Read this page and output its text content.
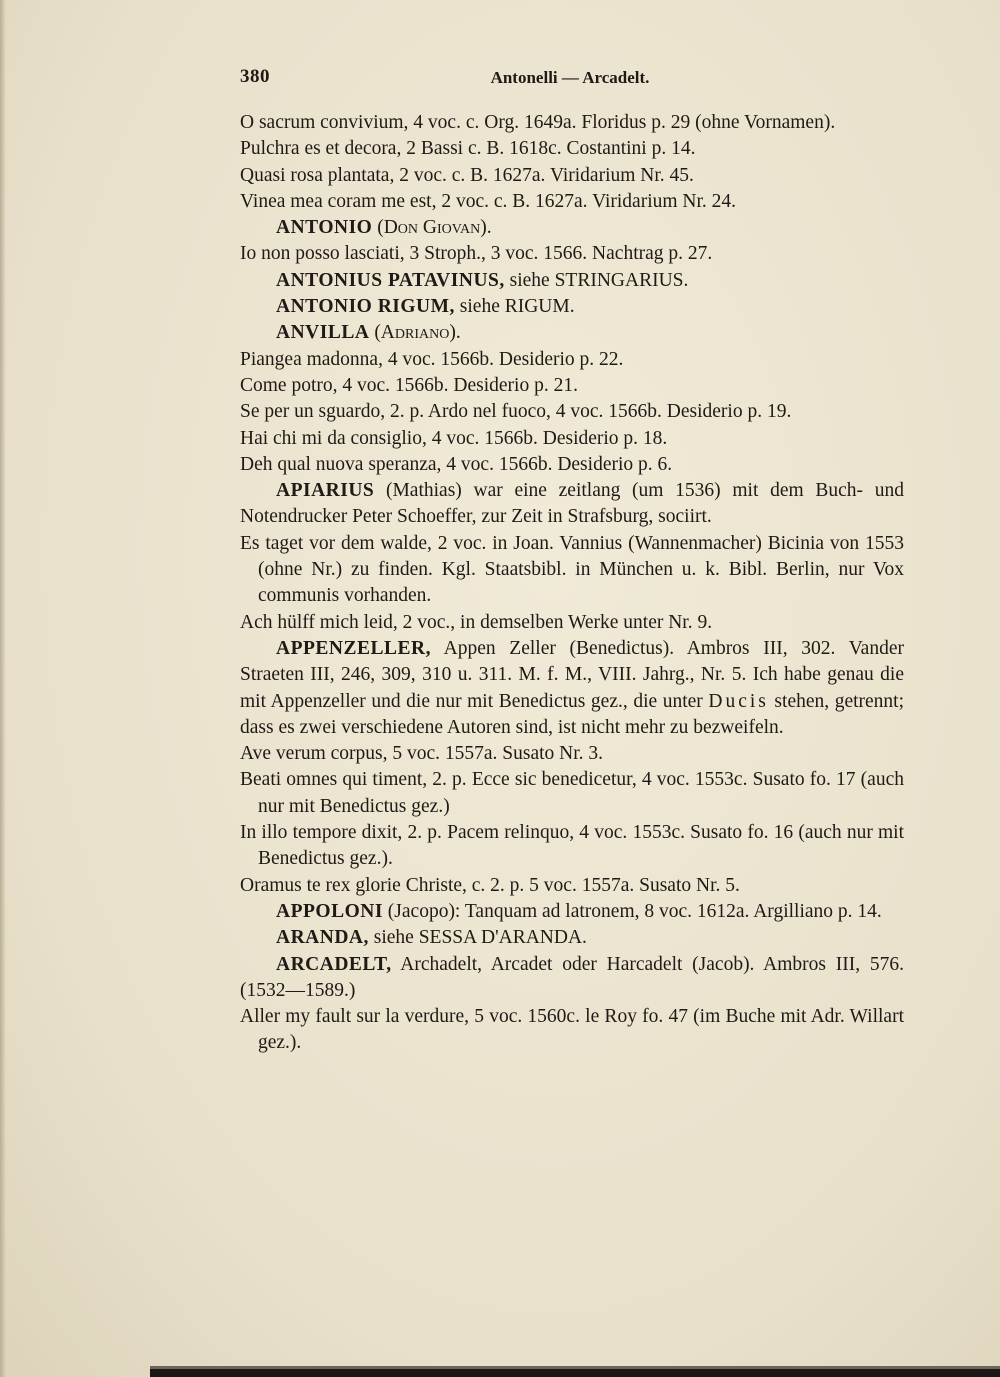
380	Antonelli — Arcadelt.
O sacrum convivium, 4 voc. c. Org. 1649a. Floridus p. 29 (ohne Vornamen).
Pulchra es et decora, 2 Bassi c. B. 1618c. Costantini p. 14.
Quasi rosa plantata, 2 voc. c. B. 1627a. Viridarium Nr. 45.
Vinea mea coram me est, 2 voc. c. B. 1627a. Viridarium Nr. 24.
ANTONIO (Don Giovan).
Io non posso lasciati, 3 Stroph., 3 voc. 1566. Nachtrag p. 27.
ANTONIUS PATAVINUS, siehe STRINGARIUS.
ANTONIO RIGUM, siehe RIGUM.
ANVILLA (Adriano).
Piangea madonna, 4 voc. 1566b. Desiderio p. 22.
Come potro, 4 voc. 1566b. Desiderio p. 21.
Se per un sguardo, 2. p. Ardo nel fuoco, 4 voc. 1566b. Desiderio p. 19.
Hai chi mi da consiglio, 4 voc. 1566b. Desiderio p. 18.
Deh qual nuova speranza, 4 voc. 1566b. Desiderio p. 6.
APIARIUS (Mathias) war eine zeitlang (um 1536) mit dem Buch- und Notendrucker Peter Schoeffer, zur Zeit in Strafsburg, sociirt.
Es taget vor dem walde, 2 voc. in Joan. Vannius (Wannenmacher) Bicinia von 1553 (ohne Nr.) zu finden. Kgl. Staatsbibl. in München u. k. Bibl. Berlin, nur Vox communis vorhanden.
Ach hülff mich leid, 2 voc., in demselben Werke unter Nr. 9.
APPENZELLER, Appen Zeller (Benedictus). Ambros III, 302. Vander Straeten III, 246, 309, 310 u. 311. M. f. M., VIII. Jahrg., Nr. 5. Ich habe genau die mit Appenzeller und die nur mit Benedictus gez., die unter Ducis stehen, getrennt; dass es zwei verschiedene Autoren sind, ist nicht mehr zu bezweifeln.
Ave verum corpus, 5 voc. 1557a. Susato Nr. 3.
Beati omnes qui timent, 2. p. Ecce sic benedicetur, 4 voc. 1553c. Susato fo. 17 (auch nur mit Benedictus gez.)
In illo tempore dixit, 2. p. Pacem relinquo, 4 voc. 1553c. Susato fo. 16 (auch nur mit Benedictus gez.).
Oramus te rex glorie Christe, c. 2. p. 5 voc. 1557a. Susato Nr. 5.
APPOLONI (Jacopo): Tanquam ad latronem, 8 voc. 1612a. Argilliano p. 14.
ARANDA, siehe SESSA D'ARANDA.
ARCADELT, Archadelt, Arcadet oder Harcadelt (Jacob). Ambros III, 576. (1532—1589.)
Aller my fault sur la verdure, 5 voc. 1560c. le Roy fo. 47 (im Buche mit Adr. Willart gez.).
